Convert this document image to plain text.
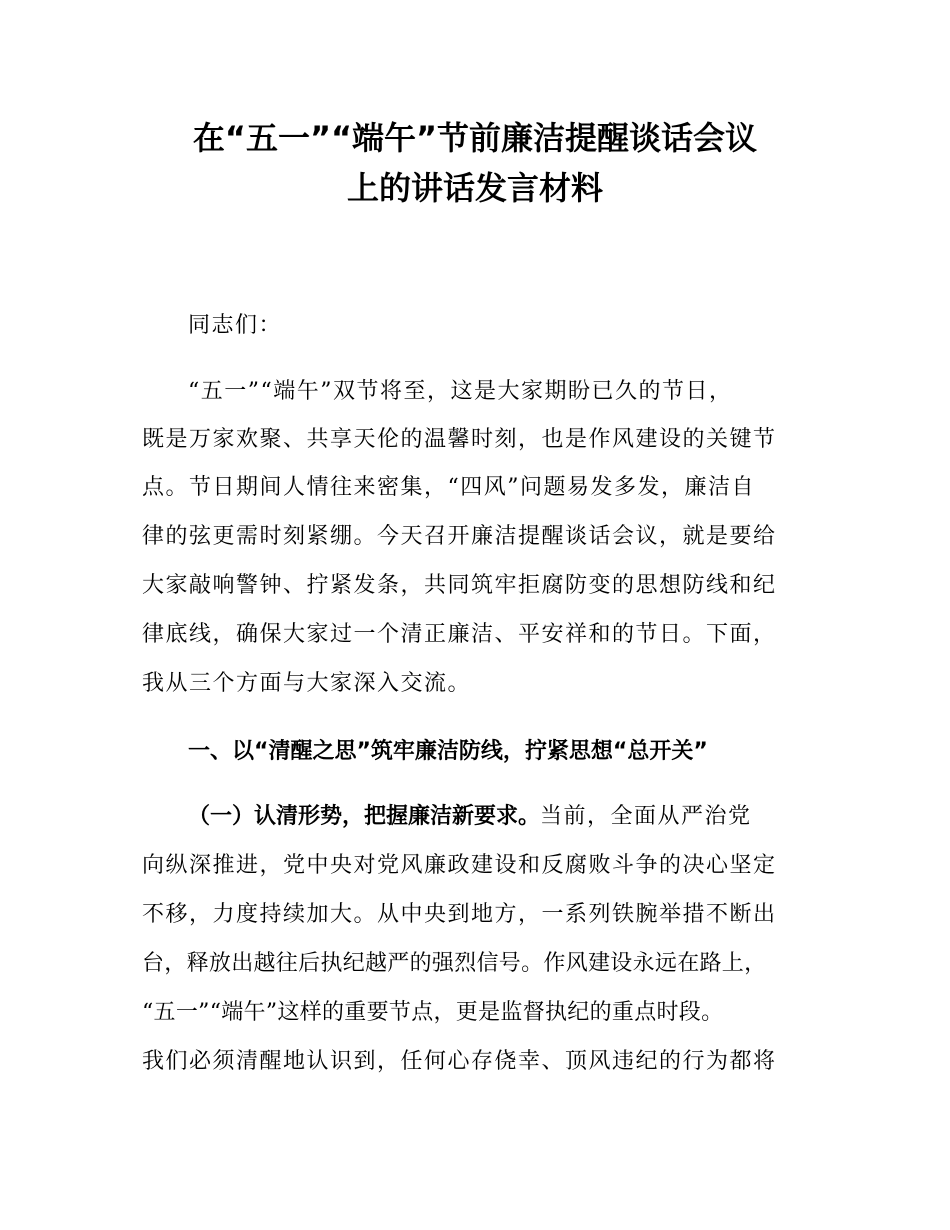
在“五一”“端午”节前廉洁提醒谈话会议
上的讲话发言材料
同志们：
“五一”“端午”双节将至，这是大家期盼已久的节日，
既是万家欢聚、共享天伦的温馨时刻，也是作风建设的关键节
点。节日期间人情往来密集，“四风”问题易发多发，廉洁自
律的弦更需时刻紧绷。今天召开廉洁提醒谈话会议，就是要给
大家敲响警钟、拧紧发条，共同筑牢拒腐防变的思想防线和纪
律底线，确保大家过一个清正廉洁、平安祥和的节日。下面，
我从三个方面与大家深入交流。
一、以“清醒之思”筑牢廉洁防线，拧紧思想“总开关”
（一）认清形势，把握廉洁新要求。当前，全面从严治党
向纵深推进，党中央对党风廉政建设和反腐败斗争的决心坚定
不移，力度持续加大。从中央到地方，一系列铁腕举措不断出
台，释放出越往后执纪越严的强烈信号。作风建设永远在路上，
“五一”“端午”这样的重要节点，更是监督执纪的重点时段。
我们必须清醒地认识到，任何心存侥幸、顶风违纪的行为都将
